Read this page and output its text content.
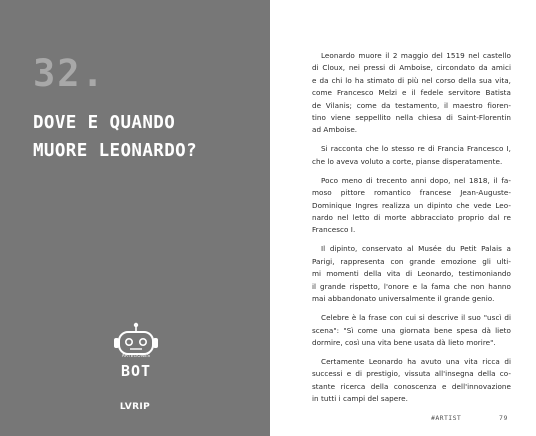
32.
DOVE E QUANDO
MUORE LEONARDO?
ARTEGONES
BOT
LVRIP

Leonardo muore il 2 maggio del 1519 nel castello
di Cloux, nei pressi di Amboise, circondato da amici
e da chi lo ha stimato di più nel corso della sua vita,
come Francesco Melzi e il fedele servitore Batista
de Vilanis; come da testamento, il maestro fioren-
tino viene seppellito nella chiesa di Saint-Florentin
ad Amboise.

Si racconta che lo stesso re di Francia Francesco I,
che lo aveva voluto a corte, pianse disperatamente.

Poco meno di trecento anni dopo, nel 1818, il fa-
moso pittore romantico francese Jean-Auguste-
Dominique Ingres realizza un dipinto che vede Leo-
nardo nel letto di morte abbracciato proprio dal re
Francesco I.

Il dipinto, conservato al Musée du Petit Palais a
Parigi, rappresenta con grande emozione gli ulti-
mi momenti della vita di Leonardo, testimoniando
il grande rispetto, l'onore e la fama che non hanno
mai abbandonato universalmente il grande genio.

Celebre è la frase con cui si descrive il suo "uscì di
scena": "Sì come una giornata bene spesa dà lieto
dormire, così una vita bene usata dà lieto morire".

Certamente Leonardo ha avuto una vita ricca di
successi e di prestigio, vissuta all'insegna della co-
stante ricerca della conoscenza e dell'innovazione
in tutti i campi del sapere.

#ARTIST	79
